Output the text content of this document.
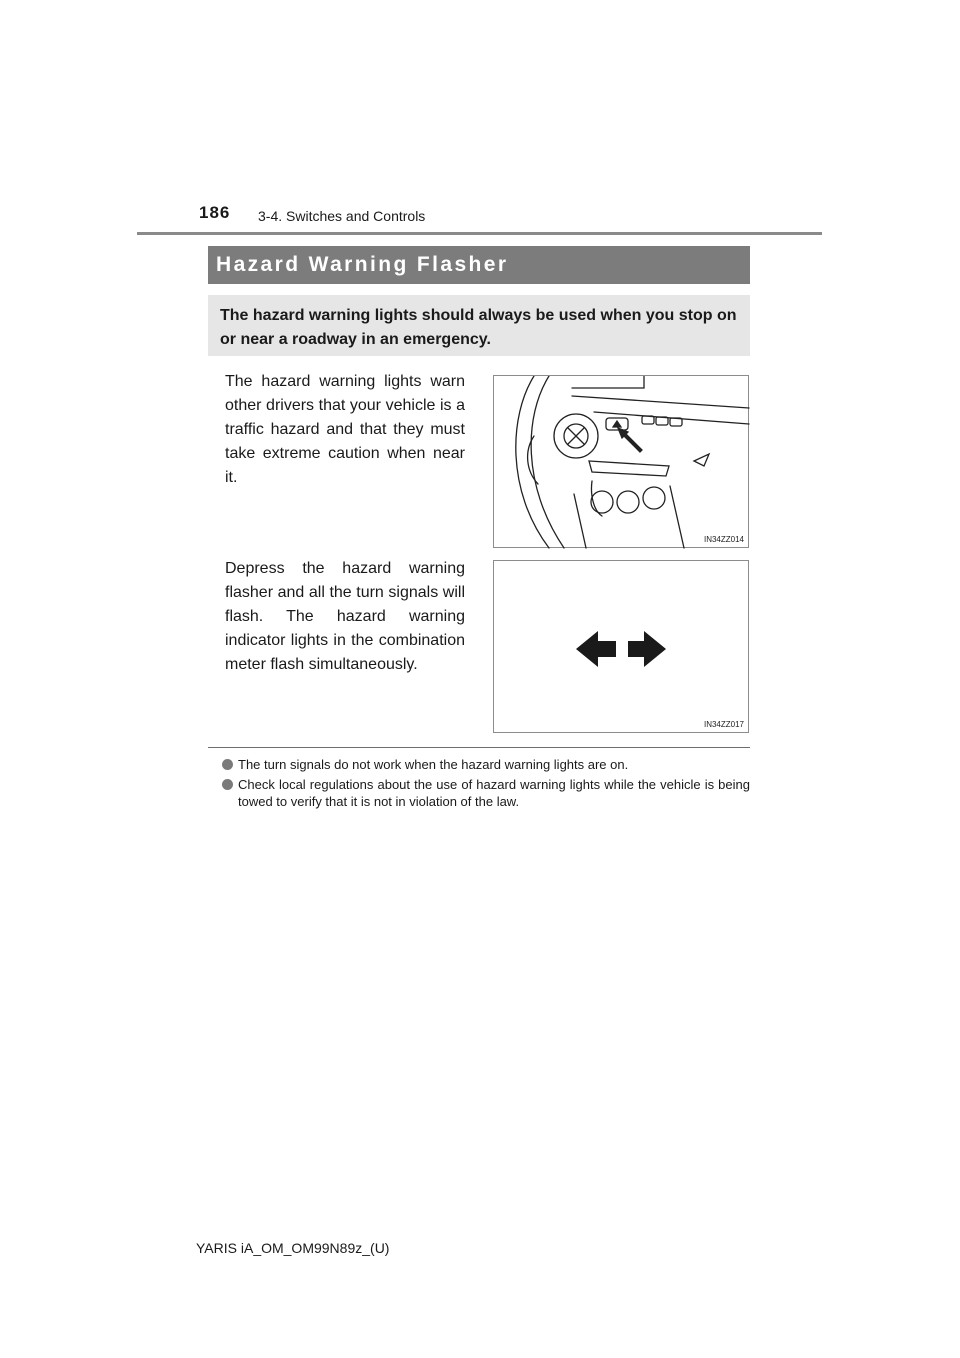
186 3-4. Switches and Controls
Hazard Warning Flasher
The hazard warning lights should always be used when you stop on or near a roadway in an emergency.
The hazard warning lights warn other drivers that your vehicle is a traffic hazard and that they must take extreme caution when near it.
IN34ZZ014
Depress the hazard warning flasher and all the turn signals will flash. The hazard warning indicator lights in the combination meter flash simultaneously.
IN34ZZ017
The turn signals do not work when the hazard warning lights are on.
Check local regulations about the use of hazard warning lights while the vehicle is being towed to verify that it is not in violation of the law.
YARIS iA_OM_OM99N89z_(U)
